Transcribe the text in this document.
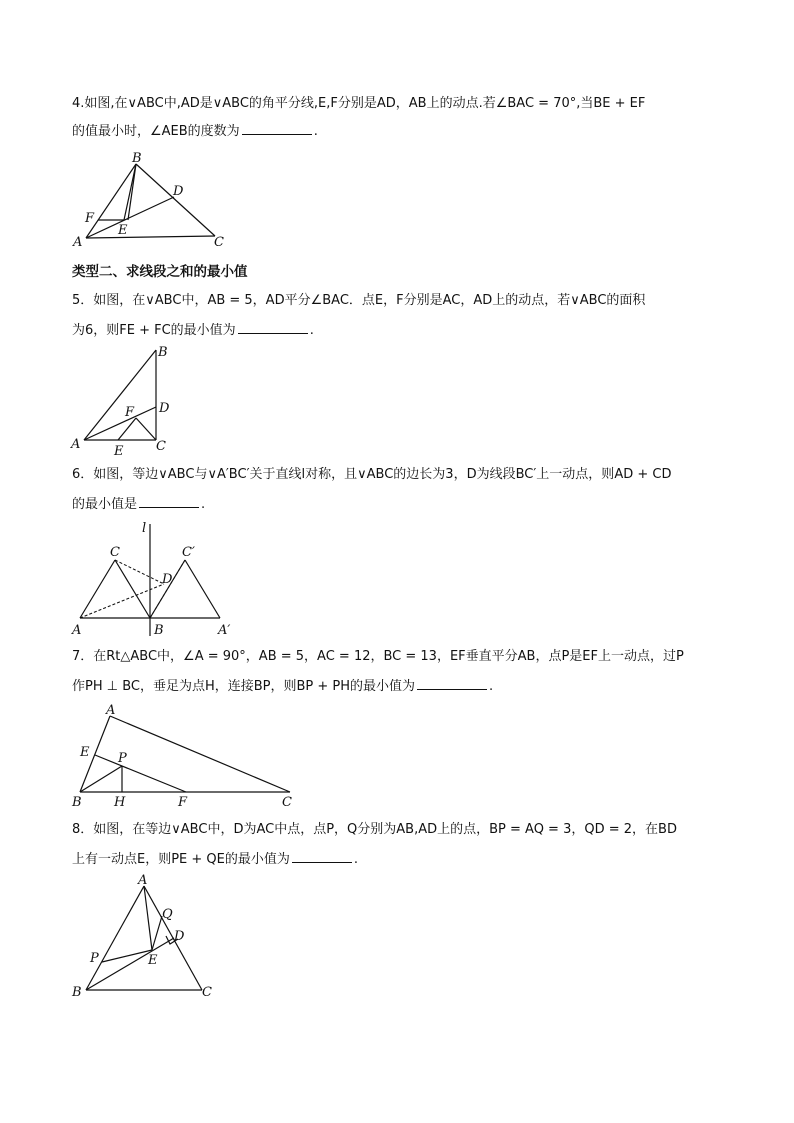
4.如图,在∨ABC中,AD是∨ABC的角平分线,E,F分别是AD，AB上的动点.若∠BAC = 70°,当BE + EF
的值最小时，∠AEB的度数为	.
B
D
F
E
A	C
类型二、求线段之和的最小值
5．如图，在∨ABC中，AB = 5，AD平分∠BAC．点E，F分别是AC，AD上的动点，若∨ABC的面积
为6，则FE + FC的最小值为	.
B
D
F
A	E	C
6．如图，等边∨ABC与∨A′BC′关于直线l对称，且∨ABC的边长为3，D为线段BC′上一动点，则AD + CD
的最小值是	.
l
C	C′
D
A	B	A′
7．在Rt△ABC中，∠A = 90°，AB = 5，AC = 12，BC = 13，EF垂直平分AB，点P是EF上一动点，过P
作PH ⊥ BC，垂足为点H，连接BP，则BP + PH的最小值为	.
A
E P
B H	F	C
8．如图，在等边∨ABC中，D为AC中点，点P，Q分别为AB,AD上的点，BP = AQ = 3，QD = 2，在BD
上有一动点E，则PE + QE的最小值为	.
A
Q
D
P	E
B	C
